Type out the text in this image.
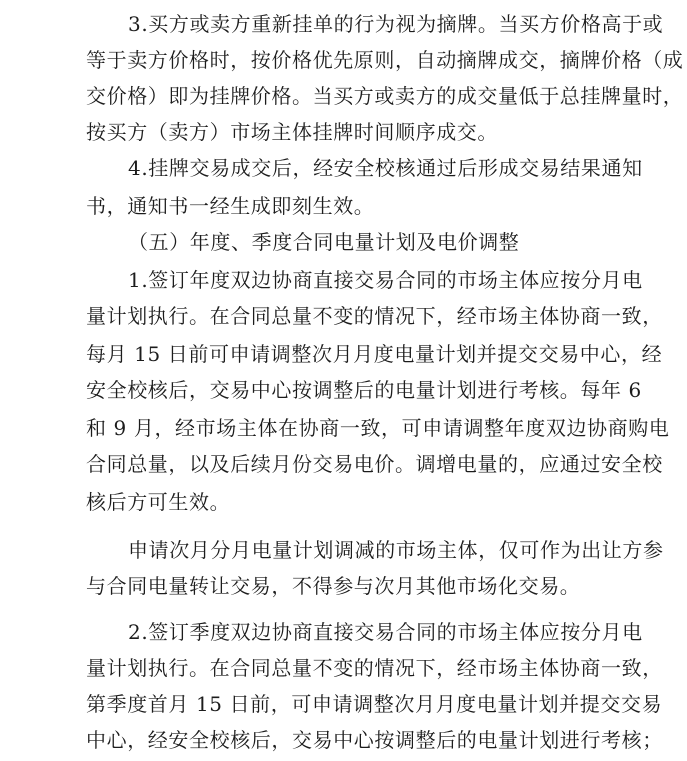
3.买方或卖方重新挂单的行为视为摘牌。当买方价格高于或
等于卖方价格时，按价格优先原则，自动摘牌成交，摘牌价格（成
交价格）即为挂牌价格。当买方或卖方的成交量低于总挂牌量时，
按买方（卖方）市场主体挂牌时间顺序成交。
4.挂牌交易成交后，经安全校核通过后形成交易结果通知
书，通知书一经生成即刻生效。
（五）年度、季度合同电量计划及电价调整
1.签订年度双边协商直接交易合同的市场主体应按分月电
量计划执行。在合同总量不变的情况下，经市场主体协商一致，
每月 15 日前可申请调整次月月度电量计划并提交交易中心，经
安全校核后，交易中心按调整后的电量计划进行考核。每年 6
和 9 月，经市场主体在协商一致，可申请调整年度双边协商购电
合同总量，以及后续月份交易电价。调增电量的，应通过安全校
核后方可生效。
申请次月分月电量计划调减的市场主体，仅可作为出让方参
与合同电量转让交易，不得参与次月其他市场化交易。
2.签订季度双边协商直接交易合同的市场主体应按分月电
量计划执行。在合同总量不变的情况下，经市场主体协商一致，
第季度首月 15 日前，可申请调整次月月度电量计划并提交交易
中心，经安全校核后，交易中心按调整后的电量计划进行考核；
